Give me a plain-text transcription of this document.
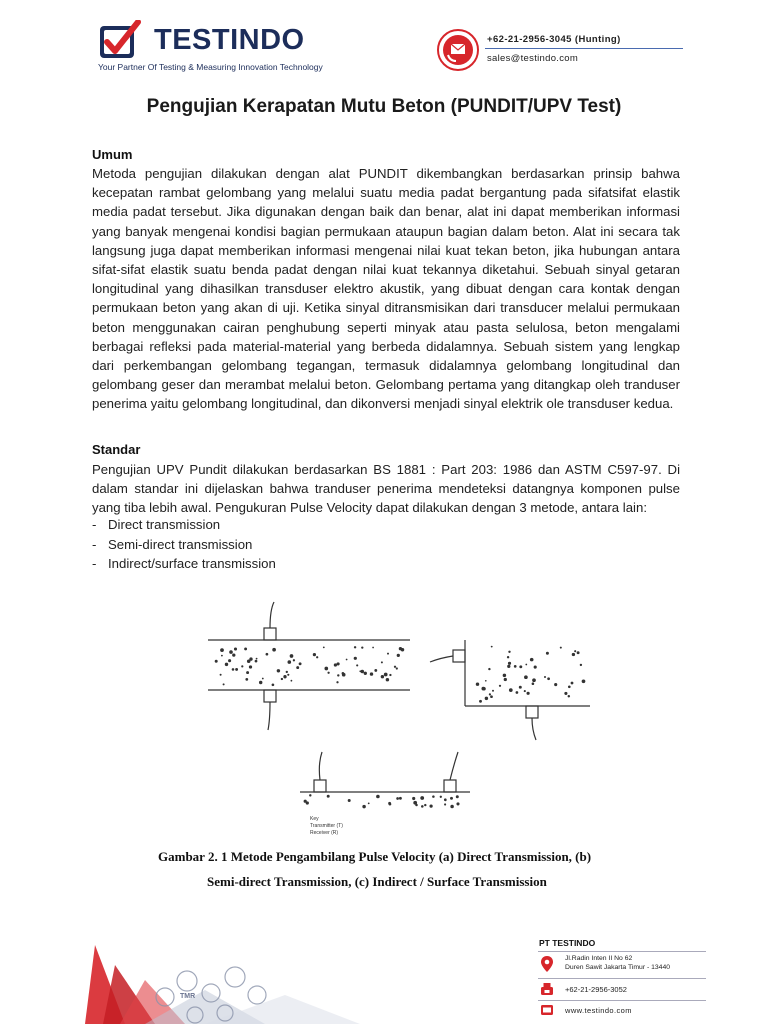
TESTINDO
Your Partner Of Testing & Measuring Innovation Technology
+62-21-2956-3045 (Hunting)
sales@testindo.com
Pengujian Kerapatan Mutu Beton (PUNDIT/UPV Test)
Umum
Metoda pengujian dilakukan dengan alat PUNDIT dikembangkan berdasarkan prinsip bahwa kecepatan rambat gelombang yang melalui suatu media padat bergantung pada sifatsifat elastik media padat tersebut. Jika digunakan dengan baik dan benar, alat ini dapat memberikan informasi yang banyak mengenai kondisi bagian permukaan ataupun bagian dalam beton. Alat ini secara tak langsung juga dapat memberikan informasi mengenai nilai kuat tekan beton, jika hubungan antara sifat-sifat elastik suatu benda padat dengan nilai kuat tekannya diketahui. Sebuah sinyal getaran longitudinal yang dihasilkan transduser elektro akustik, yang dibuat dengan cara kontak dengan permukaan beton yang akan di uji. Ketika sinyal ditransmisikan dari transducer melalui permukaan beton menggunakan cairan penghubung seperti minyak atau pasta selulosa, beton mengalami berbagai refleksi pada material-material yang berbeda didalamnya. Sebuah sistem yang lengkap dari perkembangan gelombang tegangan, termasuk didalamnya gelombang longitudinal dan gelombang geser dan merambat melalui beton. Gelombang pertama yang ditangkap oleh tranduser penerima yaitu gelombang longitudinal, dan dikonversi menjadi sinyal elektrik ole transduser kedua.
Standar
Pengujian UPV Pundit dilakukan berdasarkan BS 1881 : Part 203: 1986 dan ASTM C597-97. Di dalam standar ini dijelaskan bahwa tranduser penerima mendeteksi datangnya komponen pulse yang tiba lebih awal. Pengukuran Pulse Velocity dapat dilakukan dengan 3 metode, antara lain:
- Direct transmission
- Semi-direct transmission
- Indirect/surface transmission
Key
Transmitter (T)
Receiver (R)
Gambar 2. 1 Metode Pengambilang Pulse Velocity (a) Direct Transmission, (b)
Semi-direct Transmission, (c) Indirect / Surface Transmission
TMR
PT TESTINDO
Jl.Radin Inten II No 62
Duren Sawit Jakarta Timur - 13440
+62-21-2956-3052
www.testindo.com
